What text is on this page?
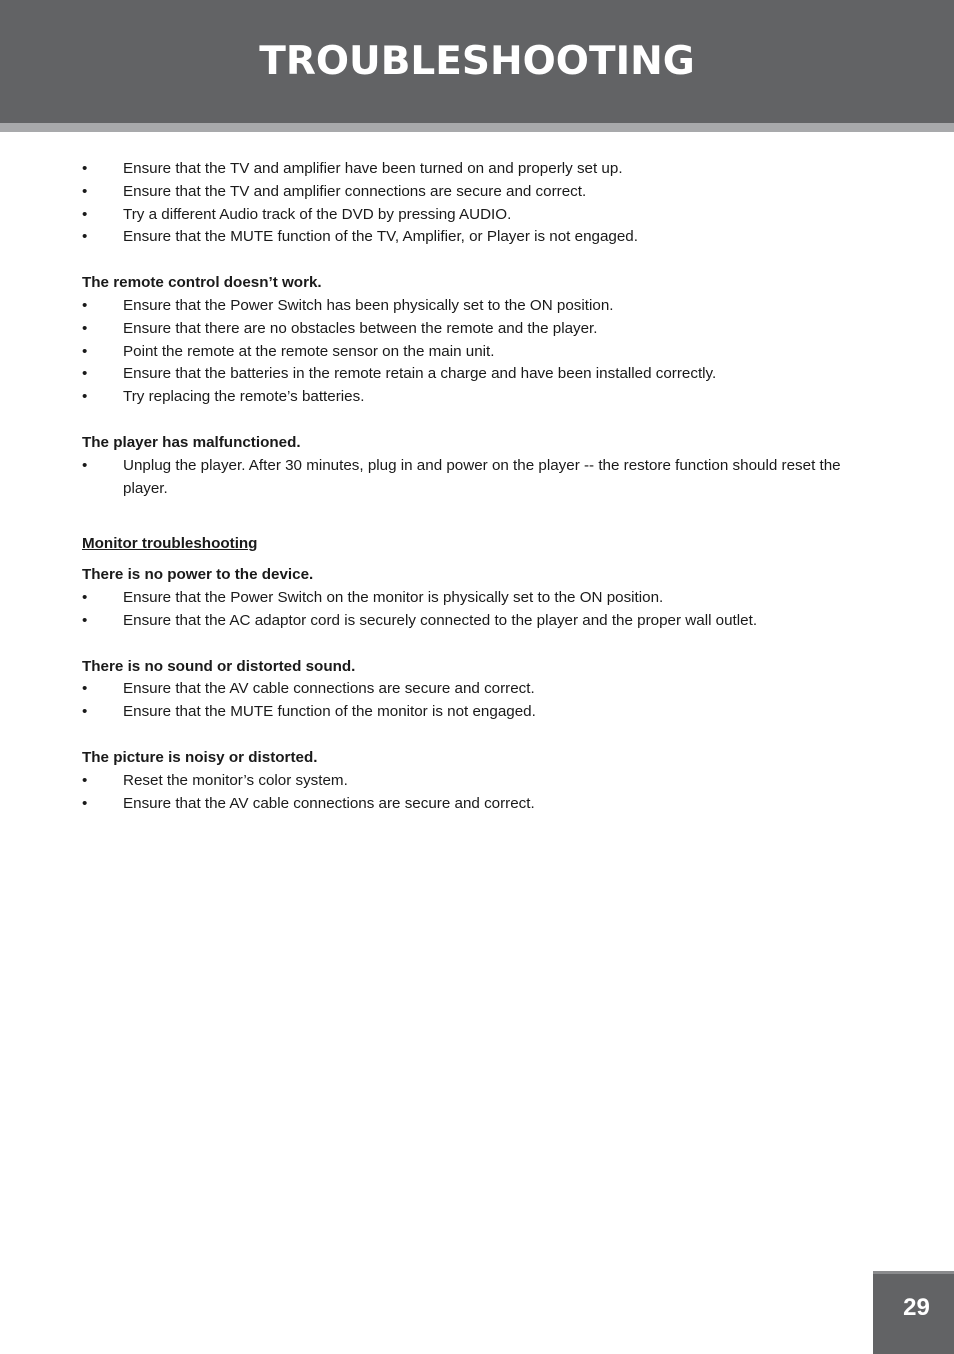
TROUBLESHOOTING
• Ensure that the TV and amplifier have been turned on and properly set up.
• Ensure that the TV and amplifier connections are secure and correct.
• Try a different Audio track of the DVD by pressing AUDIO.
• Ensure that the MUTE function of the TV, Amplifier, or Player is not engaged.

The remote control doesn’t work.

• Ensure that the Power Switch has been physically set to the ON position.
• Ensure that there are no obstacles between the remote and the player.
• Point the remote at the remote sensor on the main unit.
• Ensure that the batteries in the remote retain a charge and have been installed correctly.
• Try replacing the remote’s batteries.

The player has malfunctioned.

• Unplug the player. After 30 minutes, plug in and power on the player -- the restore function should reset the player.

Monitor troubleshooting

There is no power to the device.

• Ensure that the Power Switch on the monitor is physically set to the ON position.
• Ensure that the AC adaptor cord is securely connected to the player and the proper wall outlet.

There is no sound or distorted sound.

• Ensure that the AV cable connections are secure and correct.
• Ensure that the MUTE function of the monitor is not engaged.

The picture is noisy or distorted.

• Reset the monitor’s color system.
• Ensure that the AV cable connections are secure and correct.
29
